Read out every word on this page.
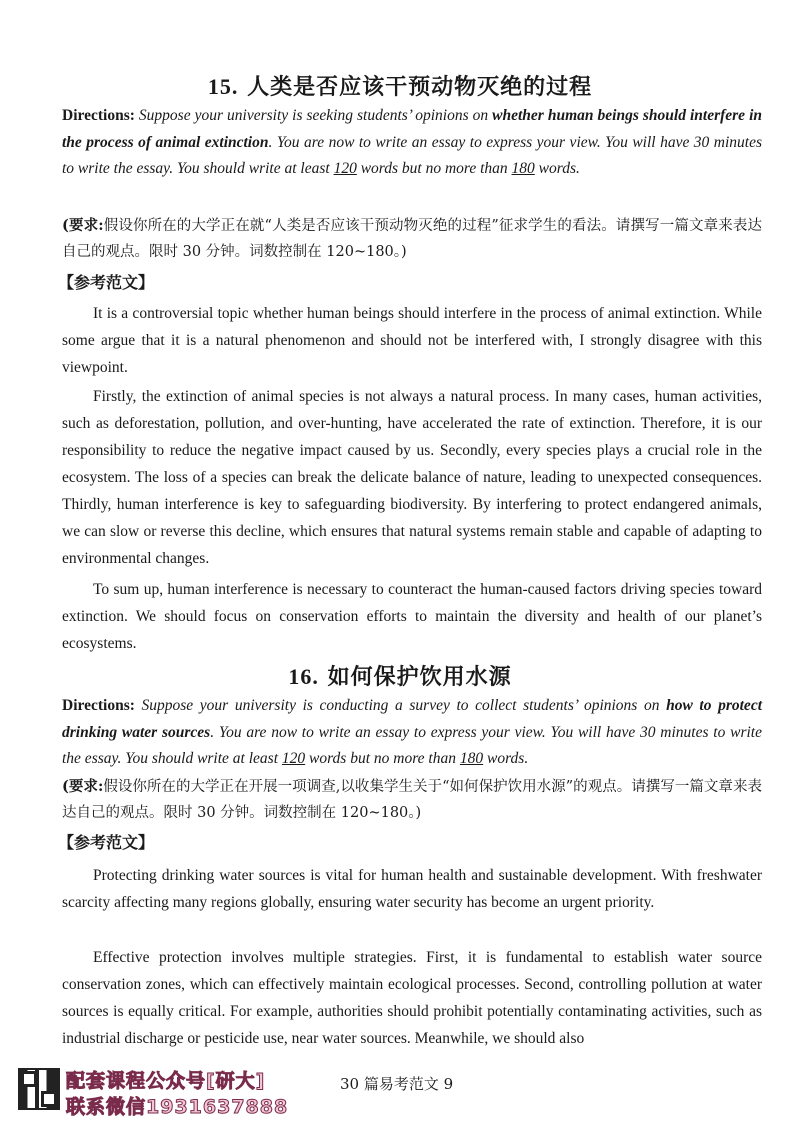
15. 人类是否应该干预动物灭绝的过程
Directions: Suppose your university is seeking students’ opinions on whether human beings should interfere in the process of animal extinction. You are now to write an essay to express your view. You will have 30 minutes to write the essay. You should write at least 120 words but no more than 180 words.
(要求:假设你所在的大学正在就“人类是否应该干预动物灭绝的过程”征求学生的看法。请撰写一篇文章来表达自己的观点。限时 30 分钟。词数控制在 120~180。)
【参考范文】
It is a controversial topic whether human beings should interfere in the process of animal extinction. While some argue that it is a natural phenomenon and should not be interfered with, I strongly disagree with this viewpoint.
Firstly, the extinction of animal species is not always a natural process. In many cases, human activities, such as deforestation, pollution, and over-hunting, have accelerated the rate of extinction. Therefore, it is our responsibility to reduce the negative impact caused by us. Secondly, every species plays a crucial role in the ecosystem. The loss of a species can break the delicate balance of nature, leading to unexpected consequences. Thirdly, human interference is key to safeguarding biodiversity. By interfering to protect endangered animals, we can slow or reverse this decline, which ensures that natural systems remain stable and capable of adapting to environmental changes.
To sum up, human interference is necessary to counteract the human-caused factors driving species toward extinction. We should focus on conservation efforts to maintain the diversity and health of our planet’s ecosystems.
16. 如何保护饮用水源
Directions: Suppose your university is conducting a survey to collect students’ opinions on how to protect drinking water sources. You are now to write an essay to express your view. You will have 30 minutes to write the essay. You should write at least 120 words but no more than 180 words.
(要求:假设你所在的大学正在开展一项调查,以收集学生关于“如何保护饮用水源”的观点。请撰写一篇文章来表达自己的观点。限时 30 分钟。词数控制在 120~180。)
【参考范文】
Protecting drinking water sources is vital for human health and sustainable development. With freshwater scarcity affecting many regions globally, ensuring water security has become an urgent priority.
Effective protection involves multiple strategies. First, it is fundamental to establish water source conservation zones, which can effectively maintain ecological processes. Second, controlling pollution at water sources is equally critical. For example, authorities should prohibit potentially contaminating activities, such as industrial discharge or pesticide use, near water sources. Meanwhile, we should also
配套课程公众号[研大]
联系微信1931637888
30 篇易考范文 9
